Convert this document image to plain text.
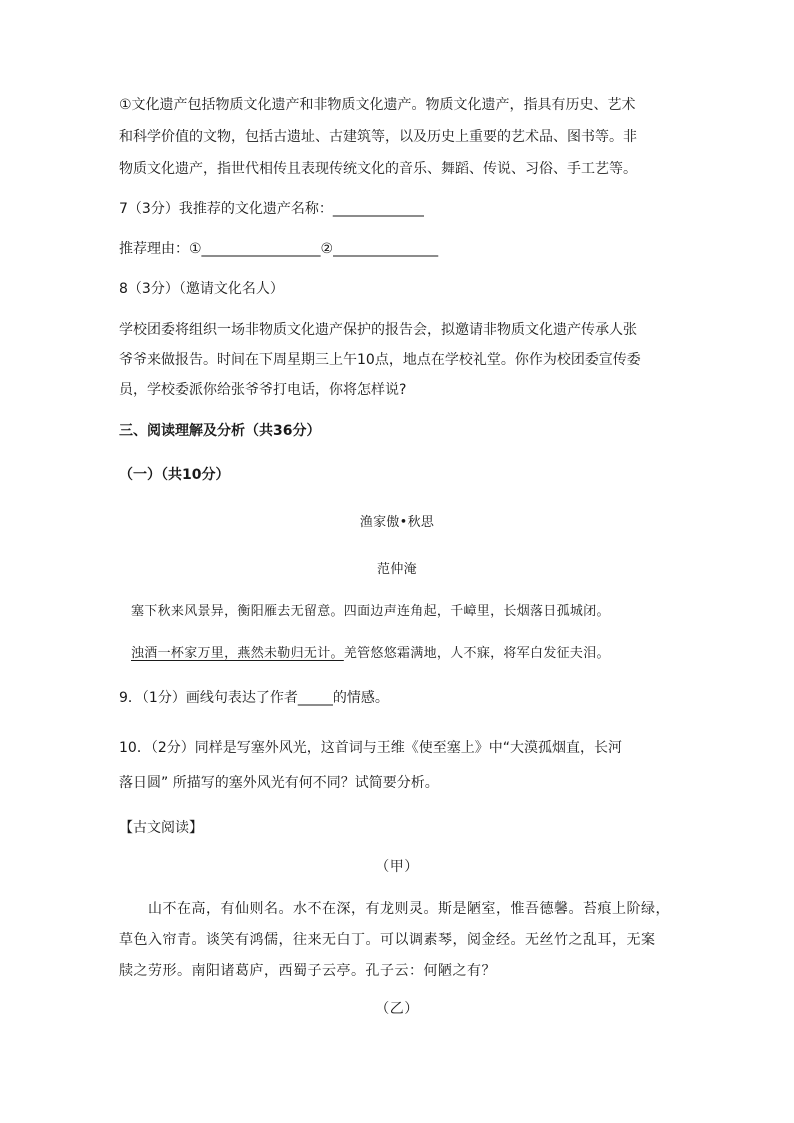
①文化遗产包括物质文化遗产和非物质文化遗产。物质文化遗产，指具有历史、艺术
和科学价值的文物，包括古遗址、古建筑等，以及历史上重要的艺术品、图书等。非
物质文化遗产，指世代相传且表现传统文化的音乐、舞蹈、传说、习俗、手工艺等。
7（3分）我推荐的文化遗产名称：_____________
推荐理由：①_________________②_______________
8（3分）（邀请文化名人）
学校团委将组织一场非物质文化遗产保护的报告会，拟邀请非物质文化遗产传承人张
爷爷来做报告。时间在下周星期三上午10点，地点在学校礼堂。你作为校团委宣传委
员，学校委派你给张爷爷打电话，你将怎样说?
三、阅读理解及分析（共36分）
（一）（共10分）
渔家傲•秋思
范仲淹
塞下秋来风景异，衡阳雁去无留意。四面边声连角起，千嶂里，长烟落日孤城闭。
浊酒一杯家万里，燕然未勒归无计。羌管悠悠霜满地，人不寐，将军白发征夫泪。
9．（1分）画线句表达了作者_____的情感。
10．（2分）同样是写塞外风光，这首词与王维《使至塞上》中“大漠孤烟直，长河
落日圆” 所描写的塞外风光有何不同？试简要分析。
【古文阅读】
（甲）
山不在高，有仙则名。水不在深，有龙则灵。斯是陋室，惟吾德馨。苔痕上阶绿，
草色入帘青。谈笑有鸿儒，往来无白丁。可以调素琴，阅金经。无丝竹之乱耳，无案
牍之劳形。南阳诸葛庐，西蜀子云亭。孔子云：何陋之有？
（乙）
